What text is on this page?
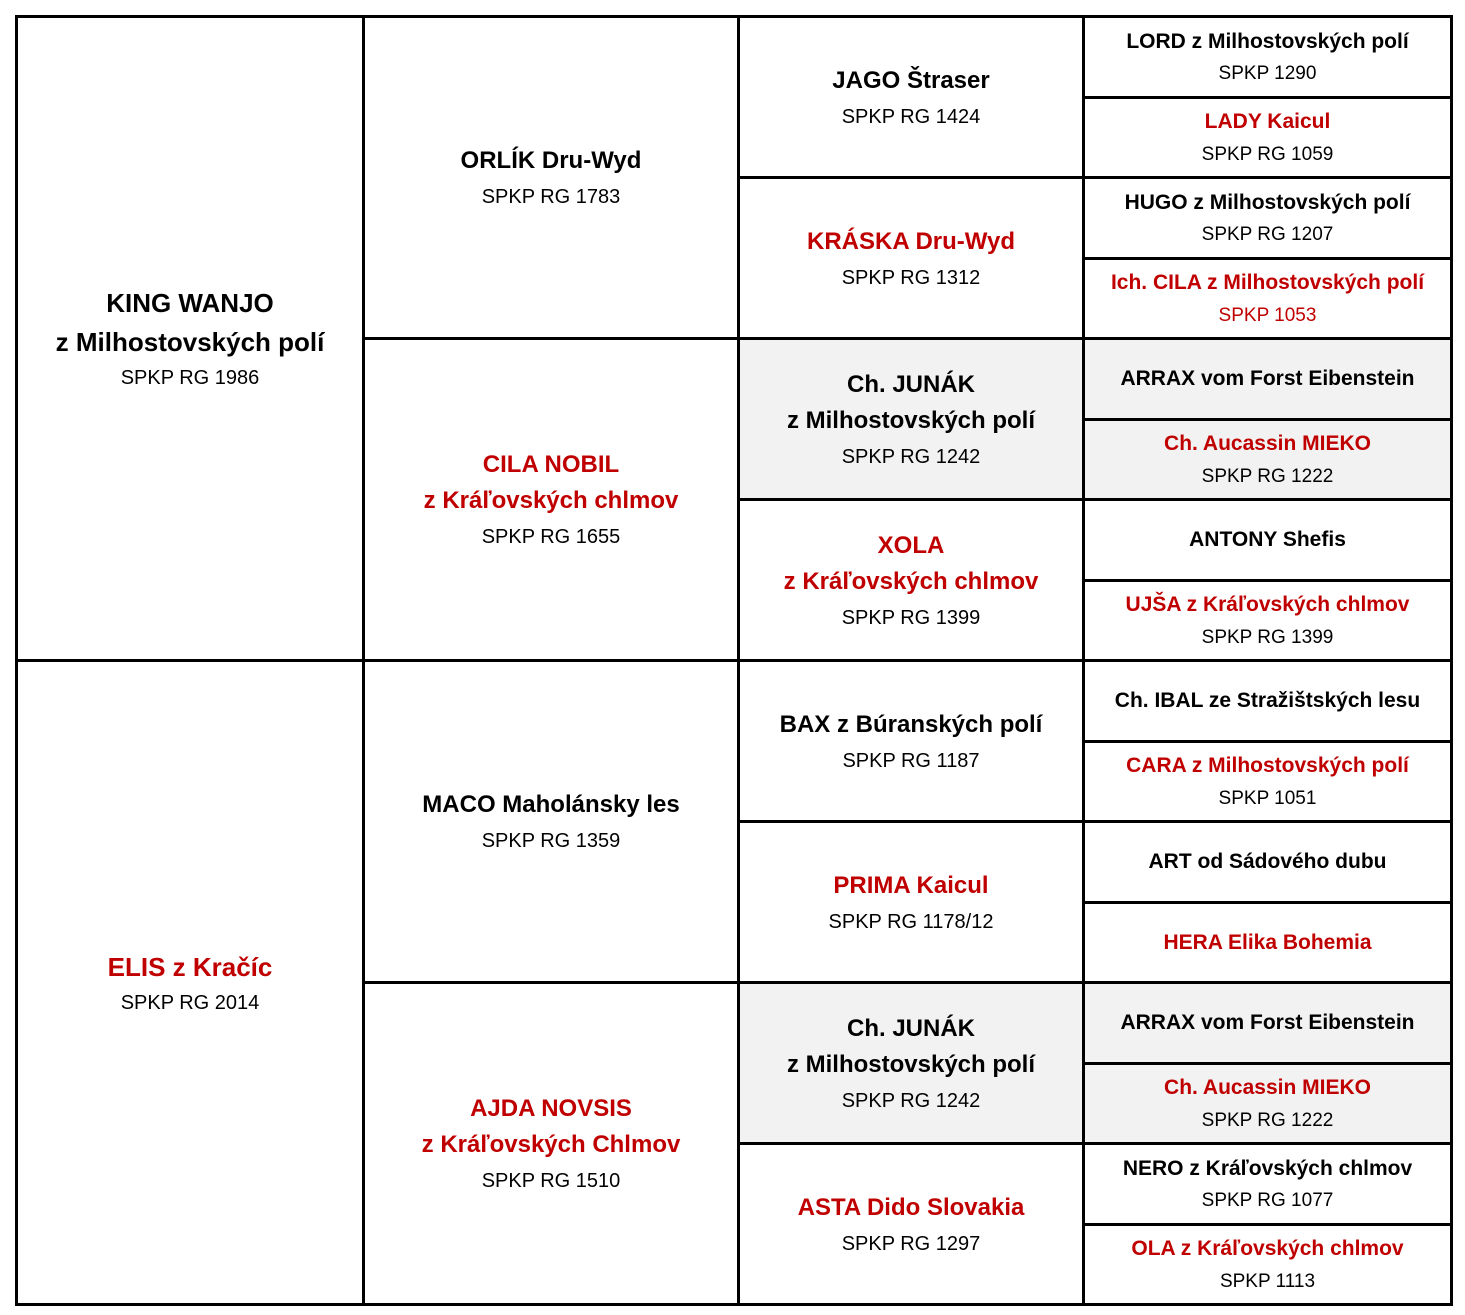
KING WANJO
z Milhostovských polí
SPKP RG 1986
ELIS z Kračíc
SPKP RG 2014
ORLÍK Dru-Wyd
SPKP RG 1783
CILA NOBIL
z Kráľovských chlmov
SPKP RG 1655
MACO Maholánsky les
SPKP RG 1359
AJDA NOVSIS
z Kráľovských Chlmov
SPKP RG 1510
JAGO Štraser
SPKP RG 1424
KRÁSKA Dru-Wyd
SPKP RG 1312
Ch. JUNÁK
z Milhostovských polí
SPKP RG 1242
XOLA
z Kráľovských chlmov
SPKP RG 1399
BAX z Búranských polí
SPKP RG 1187
PRIMA Kaicul
SPKP RG 1178/12
Ch. JUNÁK
z Milhostovských polí
SPKP RG 1242
ASTA Dido Slovakia
SPKP RG 1297
LORD z Milhostovských polí
SPKP 1290
LADY Kaicul
SPKP RG 1059
HUGO z Milhostovských polí
SPKP RG 1207
Ich. CILA z Milhostovských polí
SPKP 1053
ARRAX vom Forst Eibenstein
Ch. Aucassin MIEKO
SPKP RG 1222
ANTONY Shefis
UJŠA z Kráľovských chlmov
SPKP RG 1399
Ch. IBAL ze Stražištských lesu
CARA z Milhostovských polí
SPKP 1051
ART od Sádového dubu
HERA Elika Bohemia
ARRAX vom Forst Eibenstein
Ch. Aucassin MIEKO
SPKP RG 1222
NERO z Kráľovských chlmov
SPKP RG 1077
OLA z Kráľovských chlmov
SPKP 1113
